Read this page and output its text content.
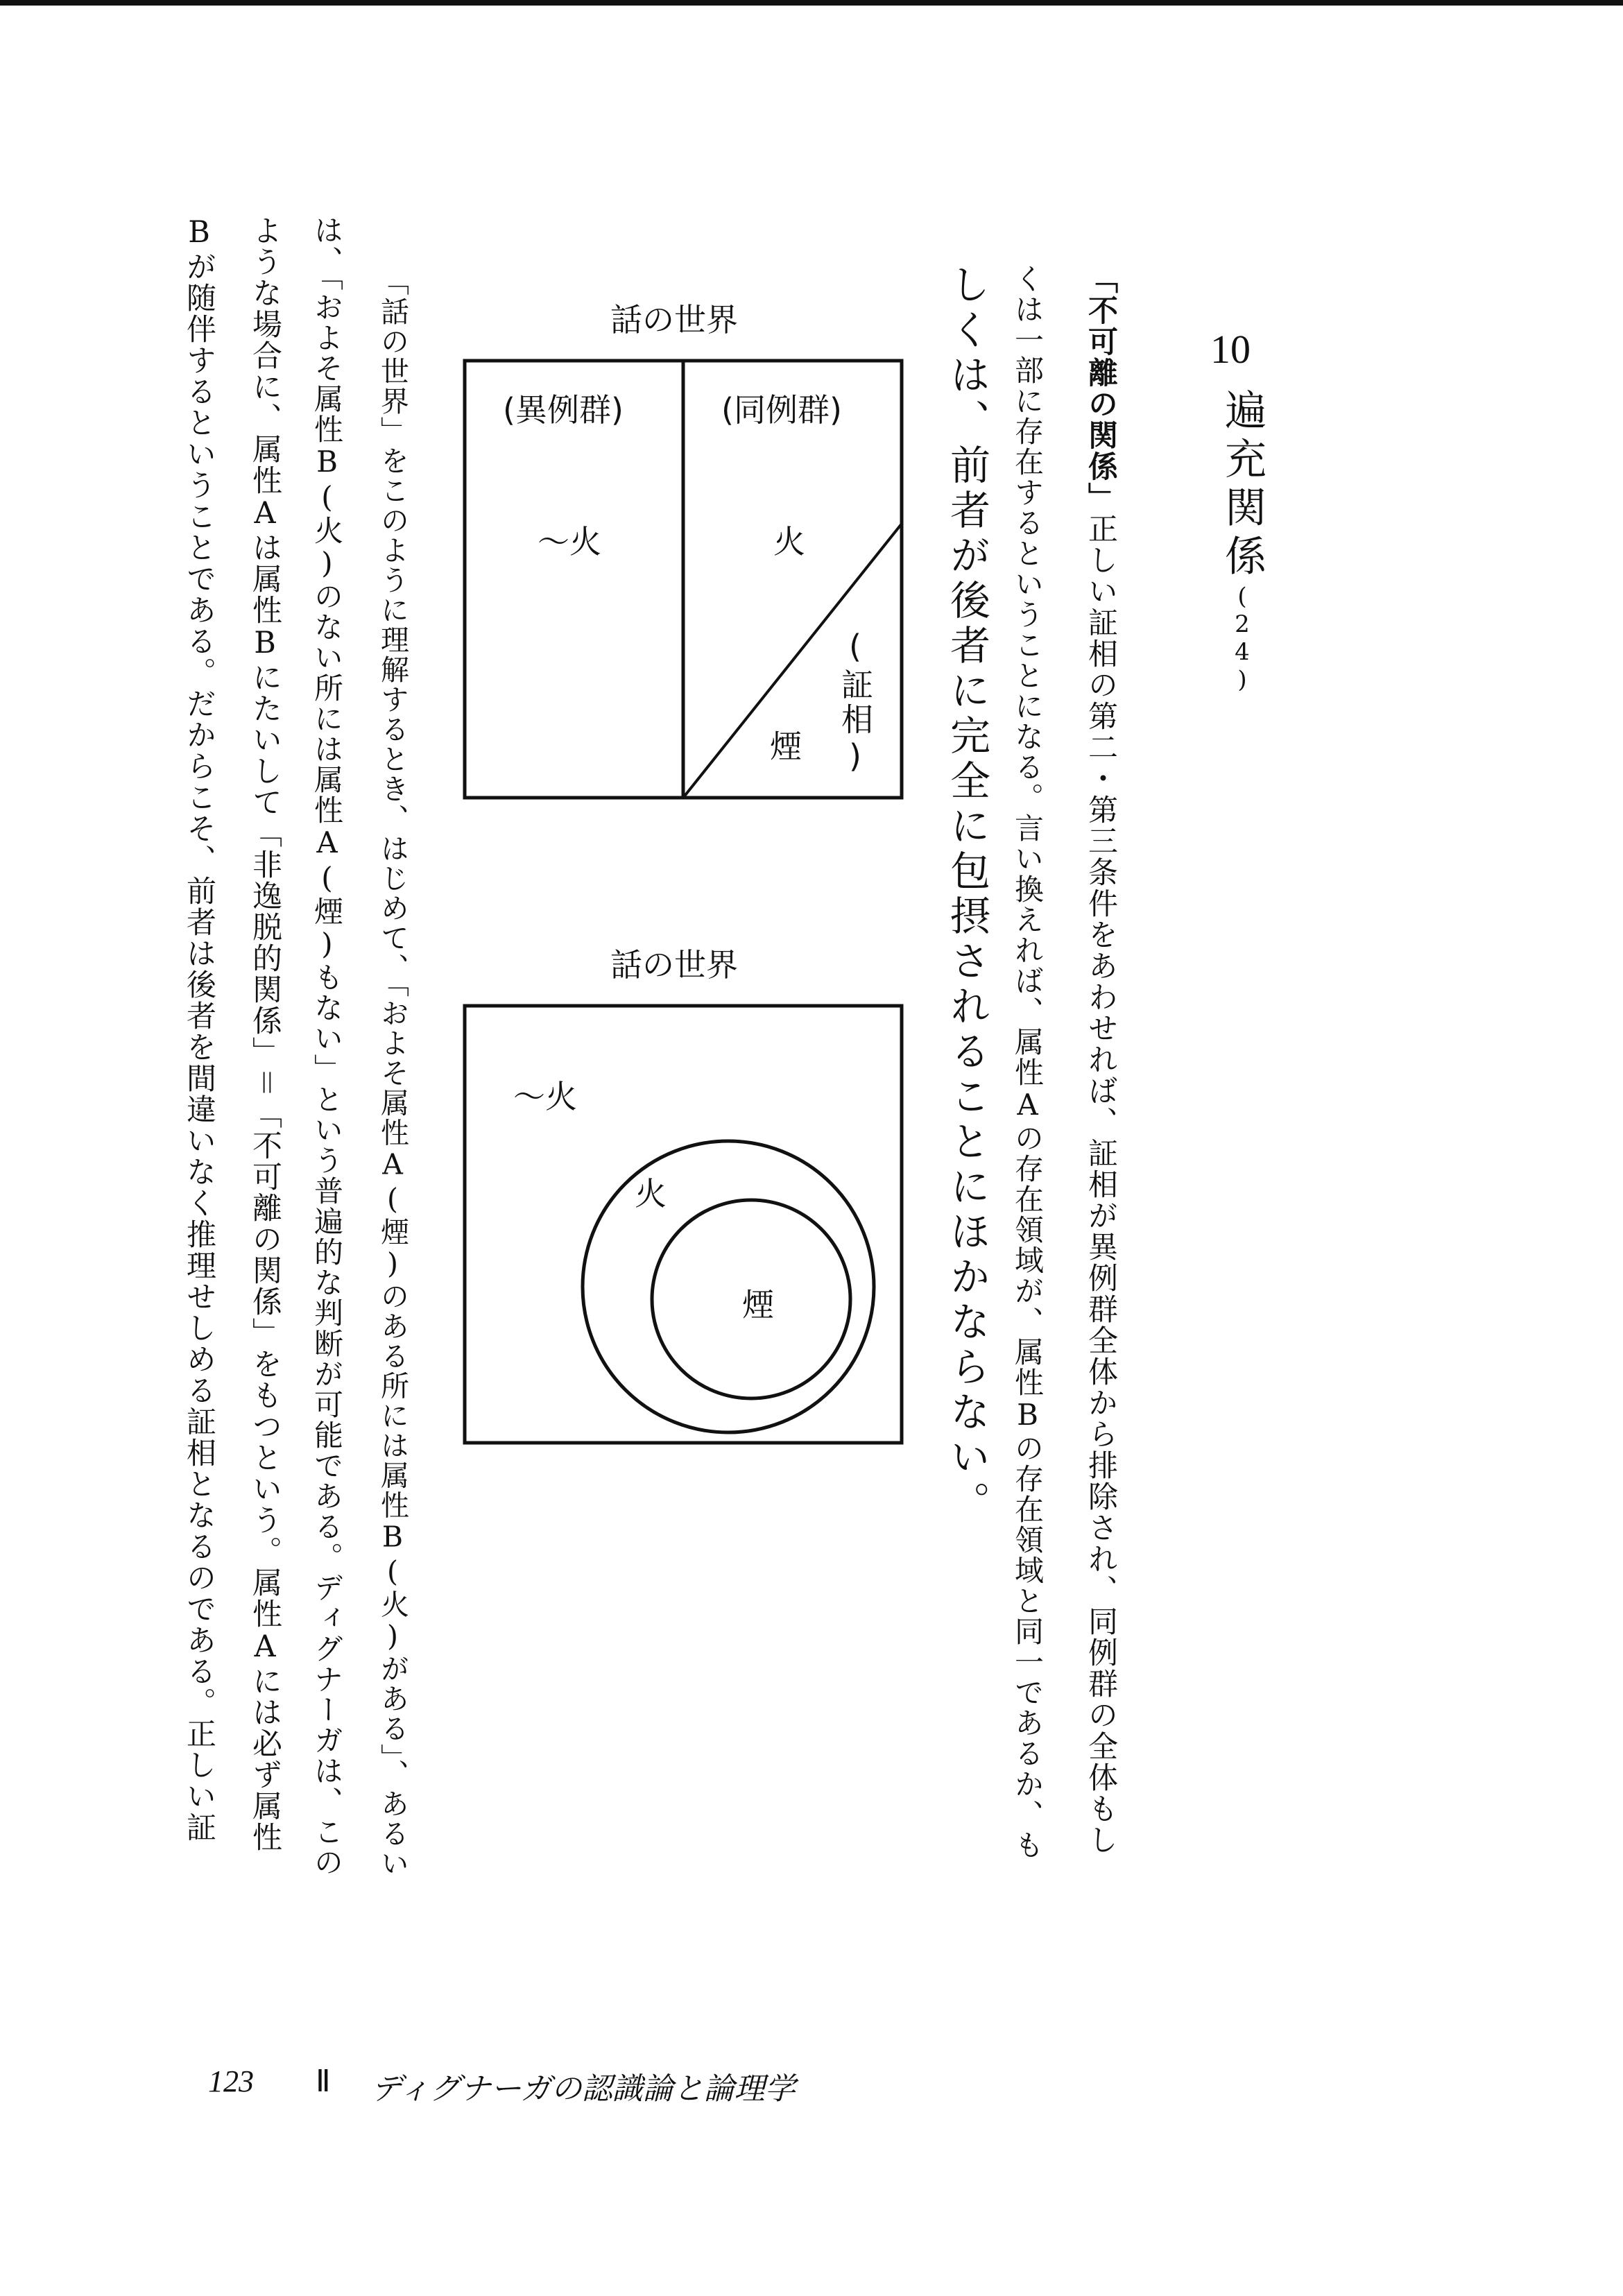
10
遍充関係(24)
「不可離の関係」正しい証相の第二・第三条件をあわせれば、証相が異例群全体から排除され、同例群の全体もし
くは一部に存在するということになる。言い換えれば、属性Aの存在領域が、属性Bの存在領域と同一であるか、も
しくは、前者が後者に完全に包摂されることにほかならない。
話の世界
(異例群)	(同例群)
～火	火
(証相)
煙
話の世界
～火
火
煙
「話の世界」をこのように理解するとき、はじめて、「およそ属性A(煙)のある所には属性B(火)がある」、あるい
は、「およそ属性B(火)のない所には属性A(煙)もない」という普遍的な判断が可能である。ディグナーガは、この
ような場合に、属性Aは属性Bにたいして「非逸脱的関係」＝「不可離の関係」をもつという。属性Aには必ず属性
Bが随伴するということである。だからこそ、前者は後者を間違いなく推理せしめる証相となるのである。正しい証
123 Ⅱ ディグナーガの認識論と論理学
